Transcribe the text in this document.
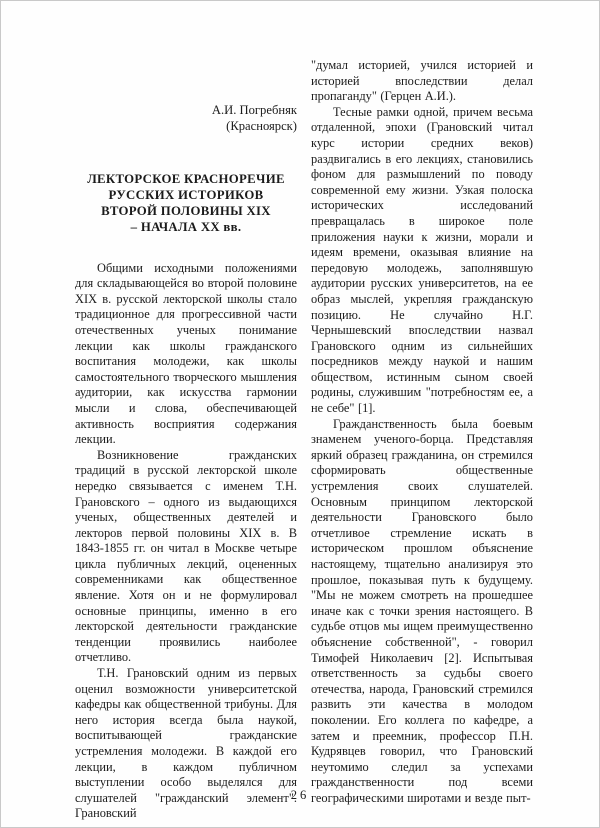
А.И. Погребняк
(Красноярск)
ЛЕКТОРСКОЕ КРАСНОРЕЧИЕ
РУССКИХ ИСТОРИКОВ
ВТОРОЙ ПОЛОВИНЫ XIX
– НАЧАЛА XX вв.

Общими исходными положениями для складывающейся во второй половине XIX в. русской лекторской школы стало традиционное для прогрессивной части отечественных ученых понимание лекции как школы гражданского воспитания молодежи, как школы самостоятельного творческого мышления аудитории, как искусства гармонии мысли и слова, обеспечивающей активность восприятия содержания лекции.

Возникновение гражданских традиций в русской лекторской школе нередко связывается с именем Т.Н. Грановского – одного из выдающихся ученых, общественных деятелей и лекторов первой половины XIX в. В 1843-1855 гг. он читал в Москве четыре цикла публичных лекций, оцененных современниками как общественное явление. Хотя он и не формулировал основные принципы, именно в его лекторской деятельности гражданские тенденции проявились наиболее отчетливо.

Т.Н. Грановский одним из первых оценил возможности университетской кафедры как общественной трибуны. Для него история всегда была наукой, воспитывающей гражданские устремления молодежи. В каждой его лекции, в каждом публичном выступлении особо выделялся для слушателей "гражданский элемент". Грановский

"думал историей, учился историей и историей впоследствии делал пропаганду" (Герцен А.И.).

Тесные рамки одной, причем весьма отдаленной, эпохи (Грановский читал курс истории средних веков) раздвигались в его лекциях, становились фоном для размышлений по поводу современной ему жизни. Узкая полоска исторических исследований превращалась в широкое поле приложения науки к жизни, морали и идеям времени, оказывая влияние на передовую молодежь, заполнявшую аудитории русских университетов, на ее образ мыслей, укрепляя гражданскую позицию. Не случайно Н.Г. Чернышевский впоследствии назвал Грановского одним из сильнейших посредников между наукой и нашим обществом, истинным сыном своей родины, служившим "потребностям ее, а не себе" [1].

Гражданственность была боевым знаменем ученого-борца. Представляя яркий образец гражданина, он стремился сформировать общественные устремления своих слушателей. Основным принципом лекторской деятельности Грановского было отчетливое стремление искать в историческом прошлом объяснение настоящему, тщательно анализируя это прошлое, показывая путь к будущему. "Мы не можем смотреть на прошедшее иначе как с точки зрения настоящего. В судьбе отцов мы ищем преимущественно объяснение собственной", - говорил Тимофей Николаевич [2]. Испытывая ответственность за судьбы своего отечества, народа, Грановский стремился развить эти качества в молодом поколении. Его коллега по кафедре, а затем и преемник, профессор П.Н. Кудрявцев говорил, что Грановский неутомимо следил за успехами гражданственности под всеми географическими широтами и везде пыт-

26
